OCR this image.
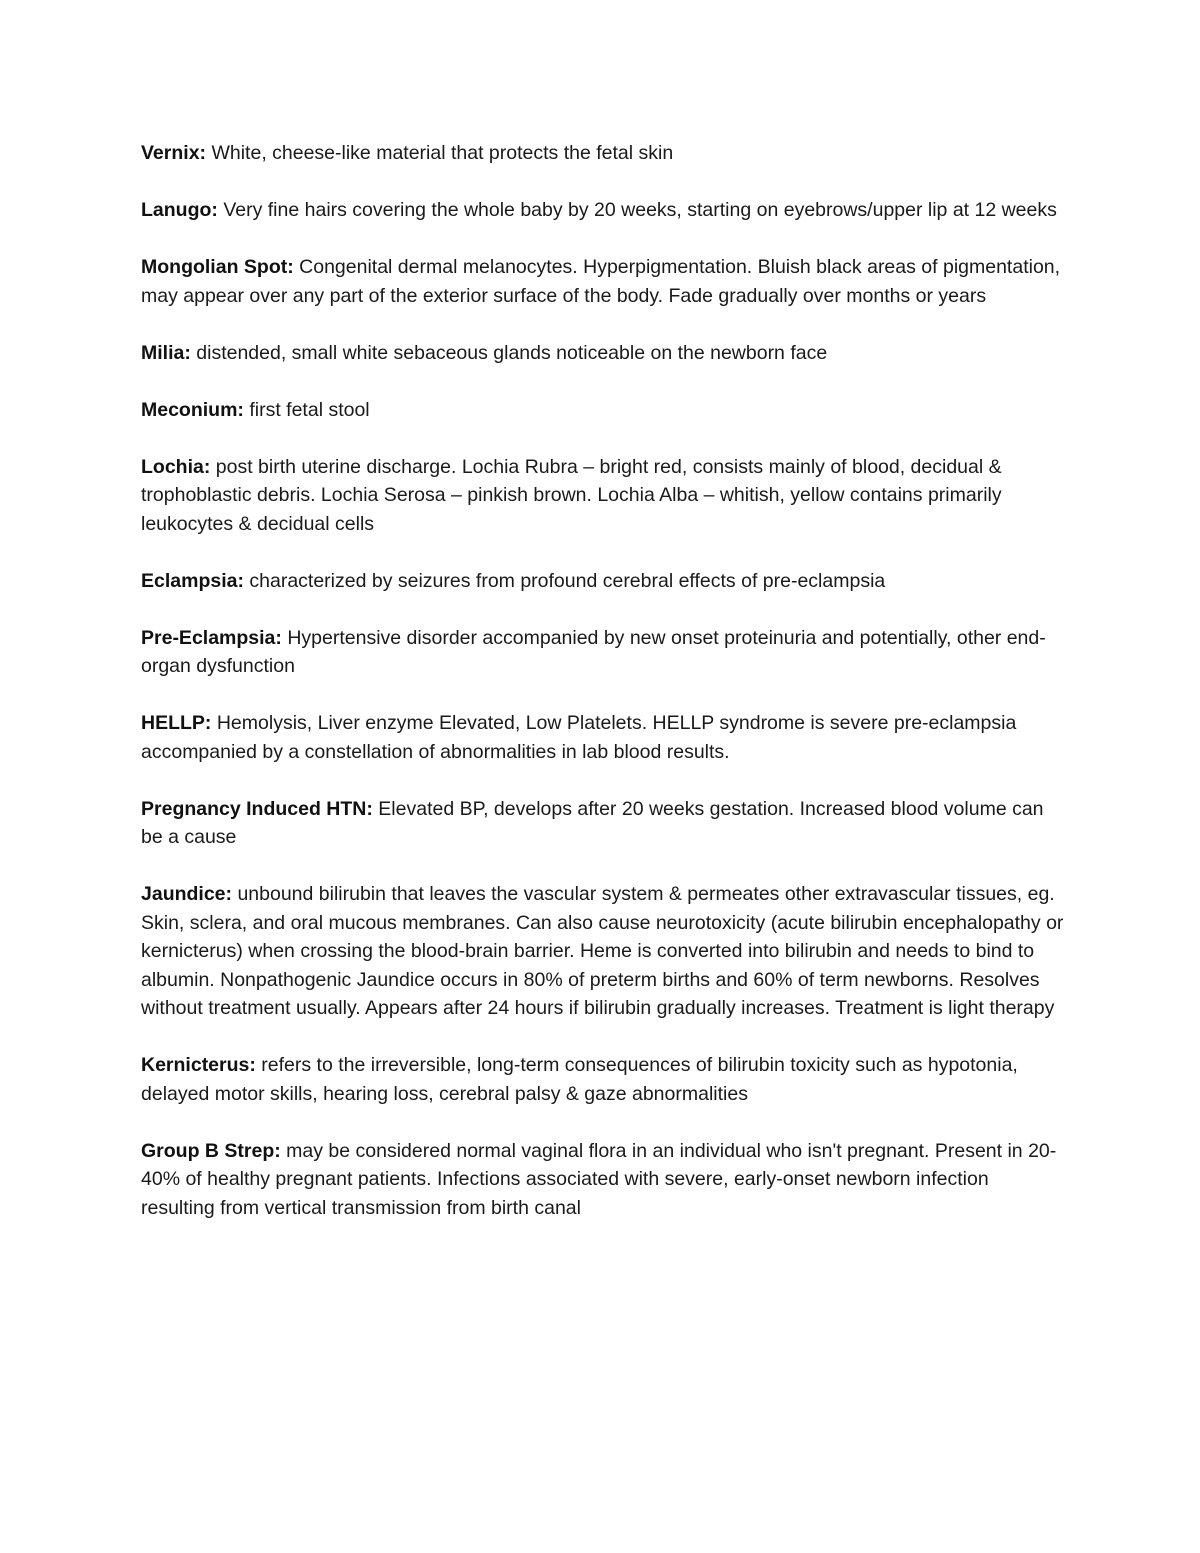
Vernix: White, cheese-like material that protects the fetal skin

Lanugo: Very fine hairs covering the whole baby by 20 weeks, starting on eyebrows/upper lip at 12 weeks

Mongolian Spot: Congenital dermal melanocytes. Hyperpigmentation. Bluish black areas of pigmentation, may appear over any part of the exterior surface of the body. Fade gradually over months or years

Milia: distended, small white sebaceous glands noticeable on the newborn face

Meconium: first fetal stool

Lochia: post birth uterine discharge. Lochia Rubra – bright red, consists mainly of blood, decidual & trophoblastic debris. Lochia Serosa – pinkish brown. Lochia Alba – whitish, yellow contains primarily leukocytes & decidual cells

Eclampsia: characterized by seizures from profound cerebral effects of pre-eclampsia

Pre-Eclampsia: Hypertensive disorder accompanied by new onset proteinuria and potentially, other end-organ dysfunction

HELLP: Hemolysis, Liver enzyme Elevated, Low Platelets. HELLP syndrome is severe pre-eclampsia accompanied by a constellation of abnormalities in lab blood results.

Pregnancy Induced HTN: Elevated BP, develops after 20 weeks gestation. Increased blood volume can be a cause

Jaundice: unbound bilirubin that leaves the vascular system & permeates other extravascular tissues, eg. Skin, sclera, and oral mucous membranes. Can also cause neurotoxicity (acute bilirubin encephalopathy or kernicterus) when crossing the blood-brain barrier. Heme is converted into bilirubin and needs to bind to albumin. Nonpathogenic Jaundice occurs in 80% of preterm births and 60% of term newborns. Resolves without treatment usually. Appears after 24 hours if bilirubin gradually increases. Treatment is light therapy

Kernicterus: refers to the irreversible, long-term consequences of bilirubin toxicity such as hypotonia, delayed motor skills, hearing loss, cerebral palsy & gaze abnormalities

Group B Strep: may be considered normal vaginal flora in an individual who isn't pregnant. Present in 20-40% of healthy pregnant patients. Infections associated with severe, early-onset newborn infection resulting from vertical transmission from birth canal
